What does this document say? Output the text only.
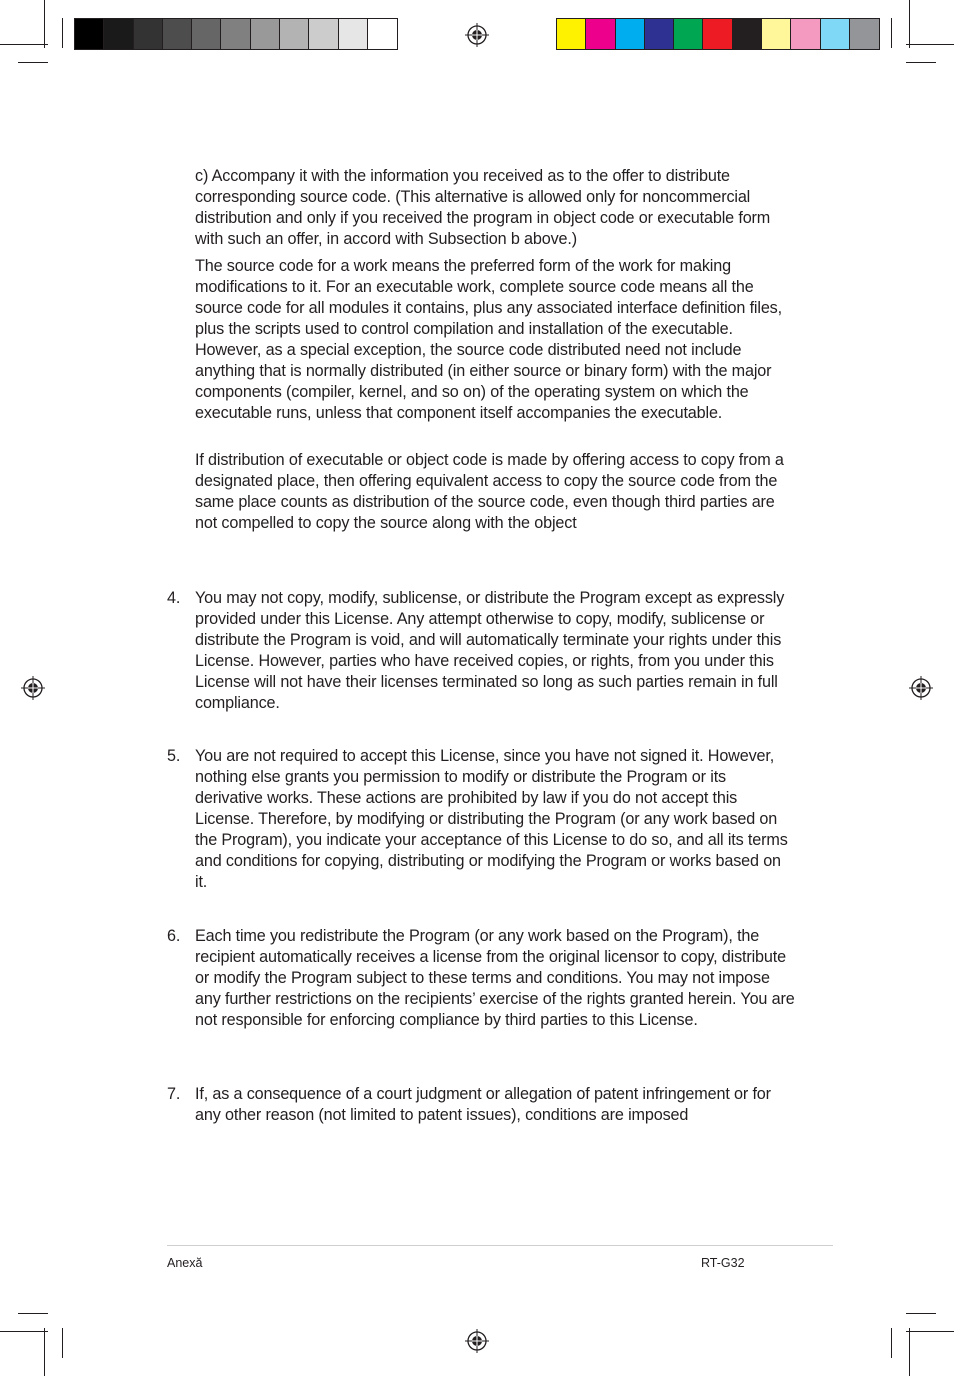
c) Accompany it with the information you received as to the offer to distribute corresponding source code. (This alternative is allowed only for noncommercial distribution and only if you received the program in object code or executable form with such an offer, in accord with Subsection b above.)

The source code for a work means the preferred form of the work for making modifications to it. For an executable work, complete source code means all the source code for all modules it contains, plus any associated interface definition files, plus the scripts used to control compilation and installation of the executable. However, as a special exception, the source code distributed need not include anything that is normally distributed (in either source or binary form) with the major components (compiler, kernel, and so on) of the operating system on which the executable runs, unless that component itself accompanies the executable.

If distribution of executable or object code is made by offering access to copy from a designated place, then offering equivalent access to copy the source code from the same place counts as distribution of the source code, even though third parties are not compelled to copy the source along with the object

4. You may not copy, modify, sublicense, or distribute the Program except as expressly provided under this License. Any attempt otherwise to copy, modify, sublicense or distribute the Program is void, and will automatically terminate your rights under this License. However, parties who have received copies, or rights, from you under this License will not have their licenses terminated so long as such parties remain in full compliance.
5. You are not required to accept this License, since you have not signed it. However, nothing else grants you permission to modify or distribute the Program or its derivative works. These actions are prohibited by law if you do not accept this License. Therefore, by modifying or distributing the Program (or any work based on the Program), you indicate your acceptance of this License to do so, and all its terms and conditions for copying, distributing or modifying the Program or works based on it.
6. Each time you redistribute the Program (or any work based on the Program), the recipient automatically receives a license from the original licensor to copy, distribute or modify the Program subject to these terms and conditions. You may not impose any further restrictions on the recipients’ exercise of the rights granted herein. You are not responsible for enforcing compliance by third parties to this License.
7. If, as a consequence of a court judgment or allegation of patent infringement or for any other reason (not limited to patent issues), conditions are imposed
Anexă	RT-G32
